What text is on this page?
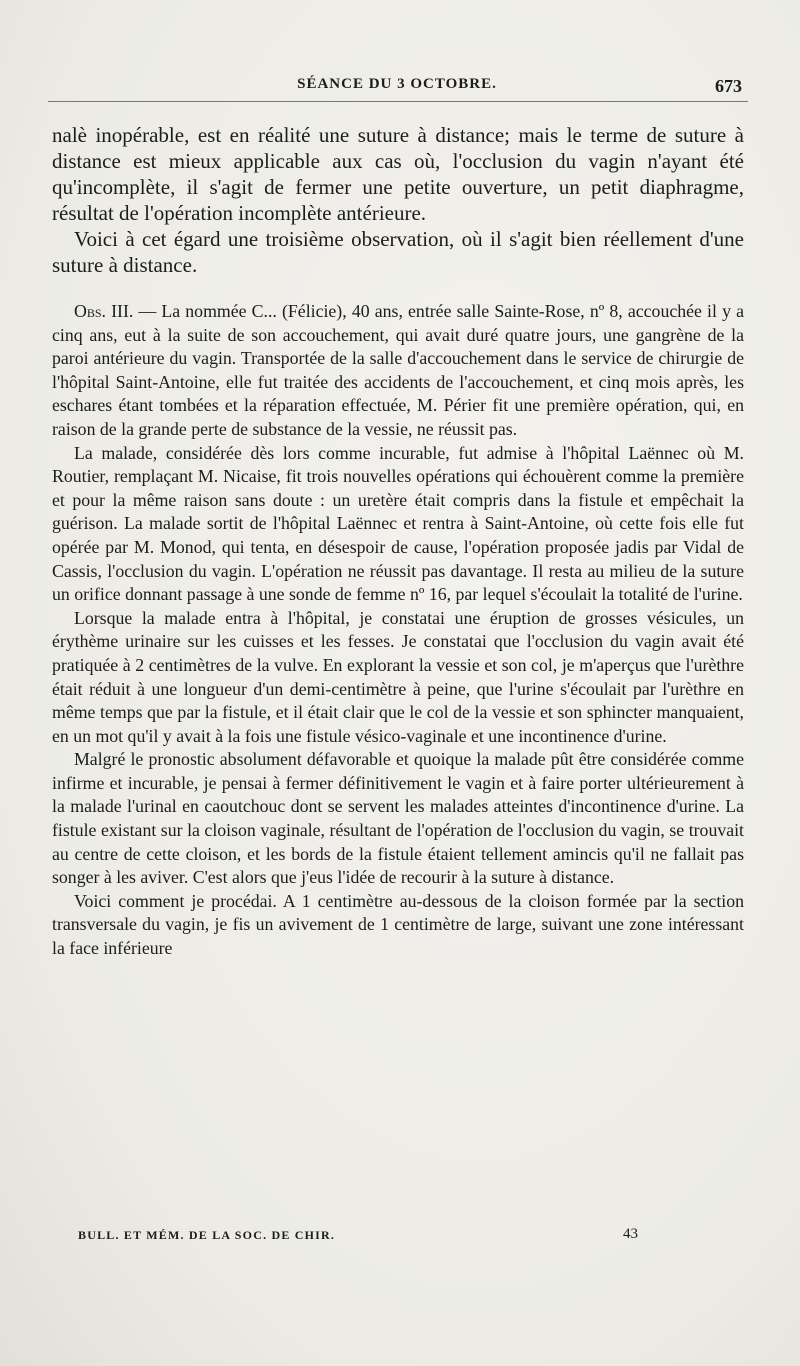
SÉANCE DU 3 OCTOBRE.	673

nalè inopérable, est en réalité une suture à distance; mais le terme de suture à distance est mieux applicable aux cas où, l'occlusion du vagin n'ayant été qu'incomplète, il s'agit de fermer une petite ouverture, un petit diaphragme, résultat de l'opération incomplète antérieure.

Voici à cet égard une troisième observation, où il s'agit bien réellement d'une suture à distance.

Obs. III. — La nommée C... (Félicie), 40 ans, entrée salle Sainte-Rose, nº 8, accouchée il y a cinq ans, eut à la suite de son accouchement, qui avait duré quatre jours, une gangrène de la paroi antérieure du vagin. Transportée de la salle d'accouchement dans le service de chirurgie de l'hôpital Saint-Antoine, elle fut traitée des accidents de l'accouchement, et cinq mois après, les eschares étant tombées et la réparation effectuée, M. Périer fit une première opération, qui, en raison de la grande perte de substance de la vessie, ne réussit pas.

La malade, considérée dès lors comme incurable, fut admise à l'hôpital Laënnec où M. Routier, remplaçant M. Nicaise, fit trois nouvelles opérations qui échouèrent comme la première et pour la même raison sans doute : un uretère était compris dans la fistule et empêchait la guérison. La malade sortit de l'hôpital Laënnec et rentra à Saint-Antoine, où cette fois elle fut opérée par M. Monod, qui tenta, en désespoir de cause, l'opération proposée jadis par Vidal de Cassis, l'occlusion du vagin. L'opération ne réussit pas davantage. Il resta au milieu de la suture un orifice donnant passage à une sonde de femme nº 16, par lequel s'écoulait la totalité de l'urine.

Lorsque la malade entra à l'hôpital, je constatai une éruption de grosses vésicules, un érythème urinaire sur les cuisses et les fesses. Je constatai que l'occlusion du vagin avait été pratiquée à 2 centimètres de la vulve. En explorant la vessie et son col, je m'aperçus que l'urèthre était réduit à une longueur d'un demi-centimètre à peine, que l'urine s'écoulait par l'urèthre en même temps que par la fistule, et il était clair que le col de la vessie et son sphincter manquaient, en un mot qu'il y avait à la fois une fistule vésico-vaginale et une incontinence d'urine.

Malgré le pronostic absolument défavorable et quoique la malade pût être considérée comme infirme et incurable, je pensai à fermer définitivement le vagin et à faire porter ultérieurement à la malade l'urinal en caoutchouc dont se servent les malades atteintes d'incontinence d'urine. La fistule existant sur la cloison vaginale, résultant de l'opération de l'occlusion du vagin, se trouvait au centre de cette cloison, et les bords de la fistule étaient tellement amincis qu'il ne fallait pas songer à les aviver. C'est alors que j'eus l'idée de recourir à la suture à distance.

Voici comment je procédai. A 1 centimètre au-dessous de la cloison formée par la section transversale du vagin, je fis un avivement de 1 centimètre de large, suivant une zone intéressant la face inférieure

BULL. ET MÉM. DE LA SOC. DE CHIR.	43
